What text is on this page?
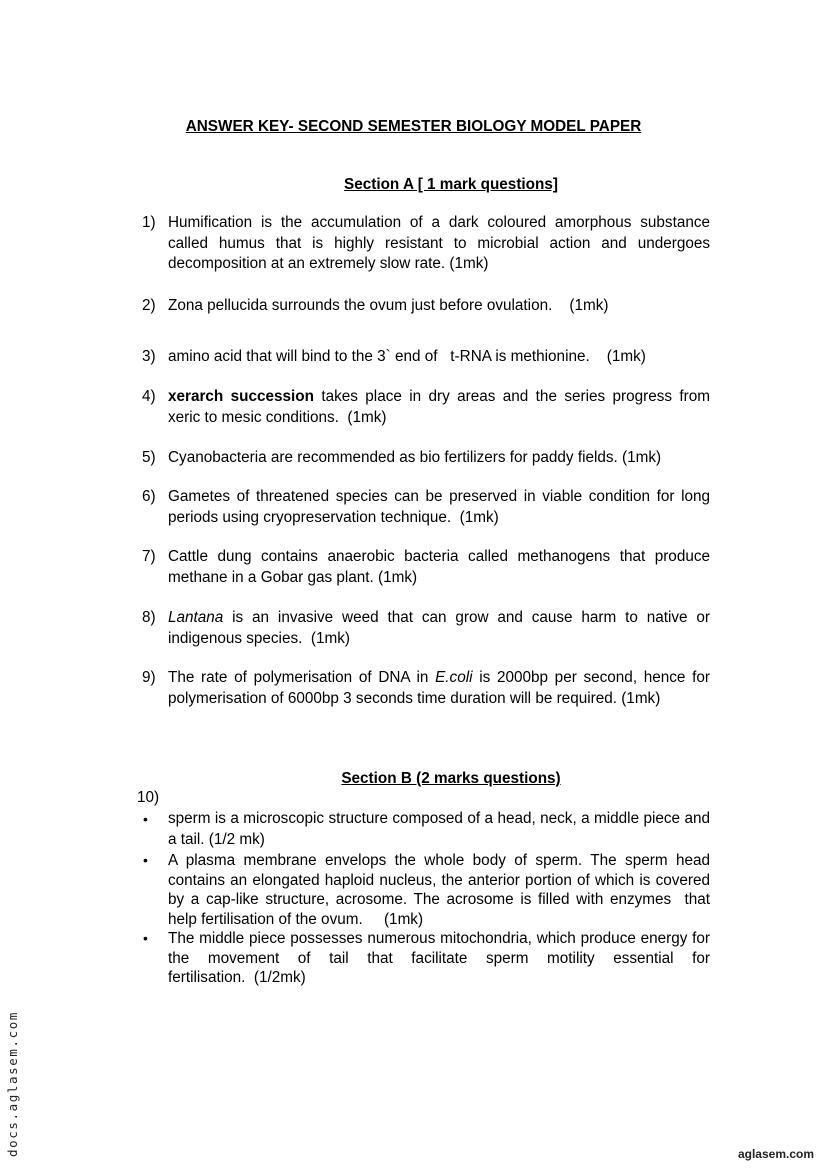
ANSWER KEY- SECOND SEMESTER BIOLOGY MODEL PAPER
Section A [ 1 mark questions]
1) Humification is the accumulation of a dark coloured amorphous substance called humus that is highly resistant to microbial action and undergoes decomposition at an extremely slow rate. (1mk)
2) Zona pellucida surrounds the ovum just before ovulation.    (1mk)
3) amino acid that will bind to the 3` end of   t-RNA is methionine.    (1mk)
4) xerarch succession takes place in dry areas and the series progress from xeric to mesic conditions.  (1mk)
5) Cyanobacteria are recommended as bio fertilizers for paddy fields. (1mk)
6) Gametes of threatened species can be preserved in viable condition for long periods using cryopreservation technique.  (1mk)
7) Cattle dung contains anaerobic bacteria called methanogens that produce methane in a Gobar gas plant. (1mk)
8) Lantana is an invasive weed that can grow and cause harm to native or indigenous species.  (1mk)
9) The rate of polymerisation of DNA in E.coli is 2000bp per second, hence for polymerisation of 6000bp 3 seconds time duration will be required. (1mk)
Section B (2 marks questions)
10)
• sperm is a microscopic structure composed of a head, neck, a middle piece and a tail. (1/2 mk)
• A plasma membrane envelops the whole body of sperm. The sperm head contains an elongated haploid nucleus, the anterior portion of which is covered by a cap-like structure, acrosome. The acrosome is filled with enzymes  that help fertilisation of the ovum.     (1mk)
• The middle piece possesses numerous mitochondria, which produce energy for the movement of tail that facilitate sperm motility essential for fertilisation.  (1/2mk)
docs.aglasem.com	aglasem.com
